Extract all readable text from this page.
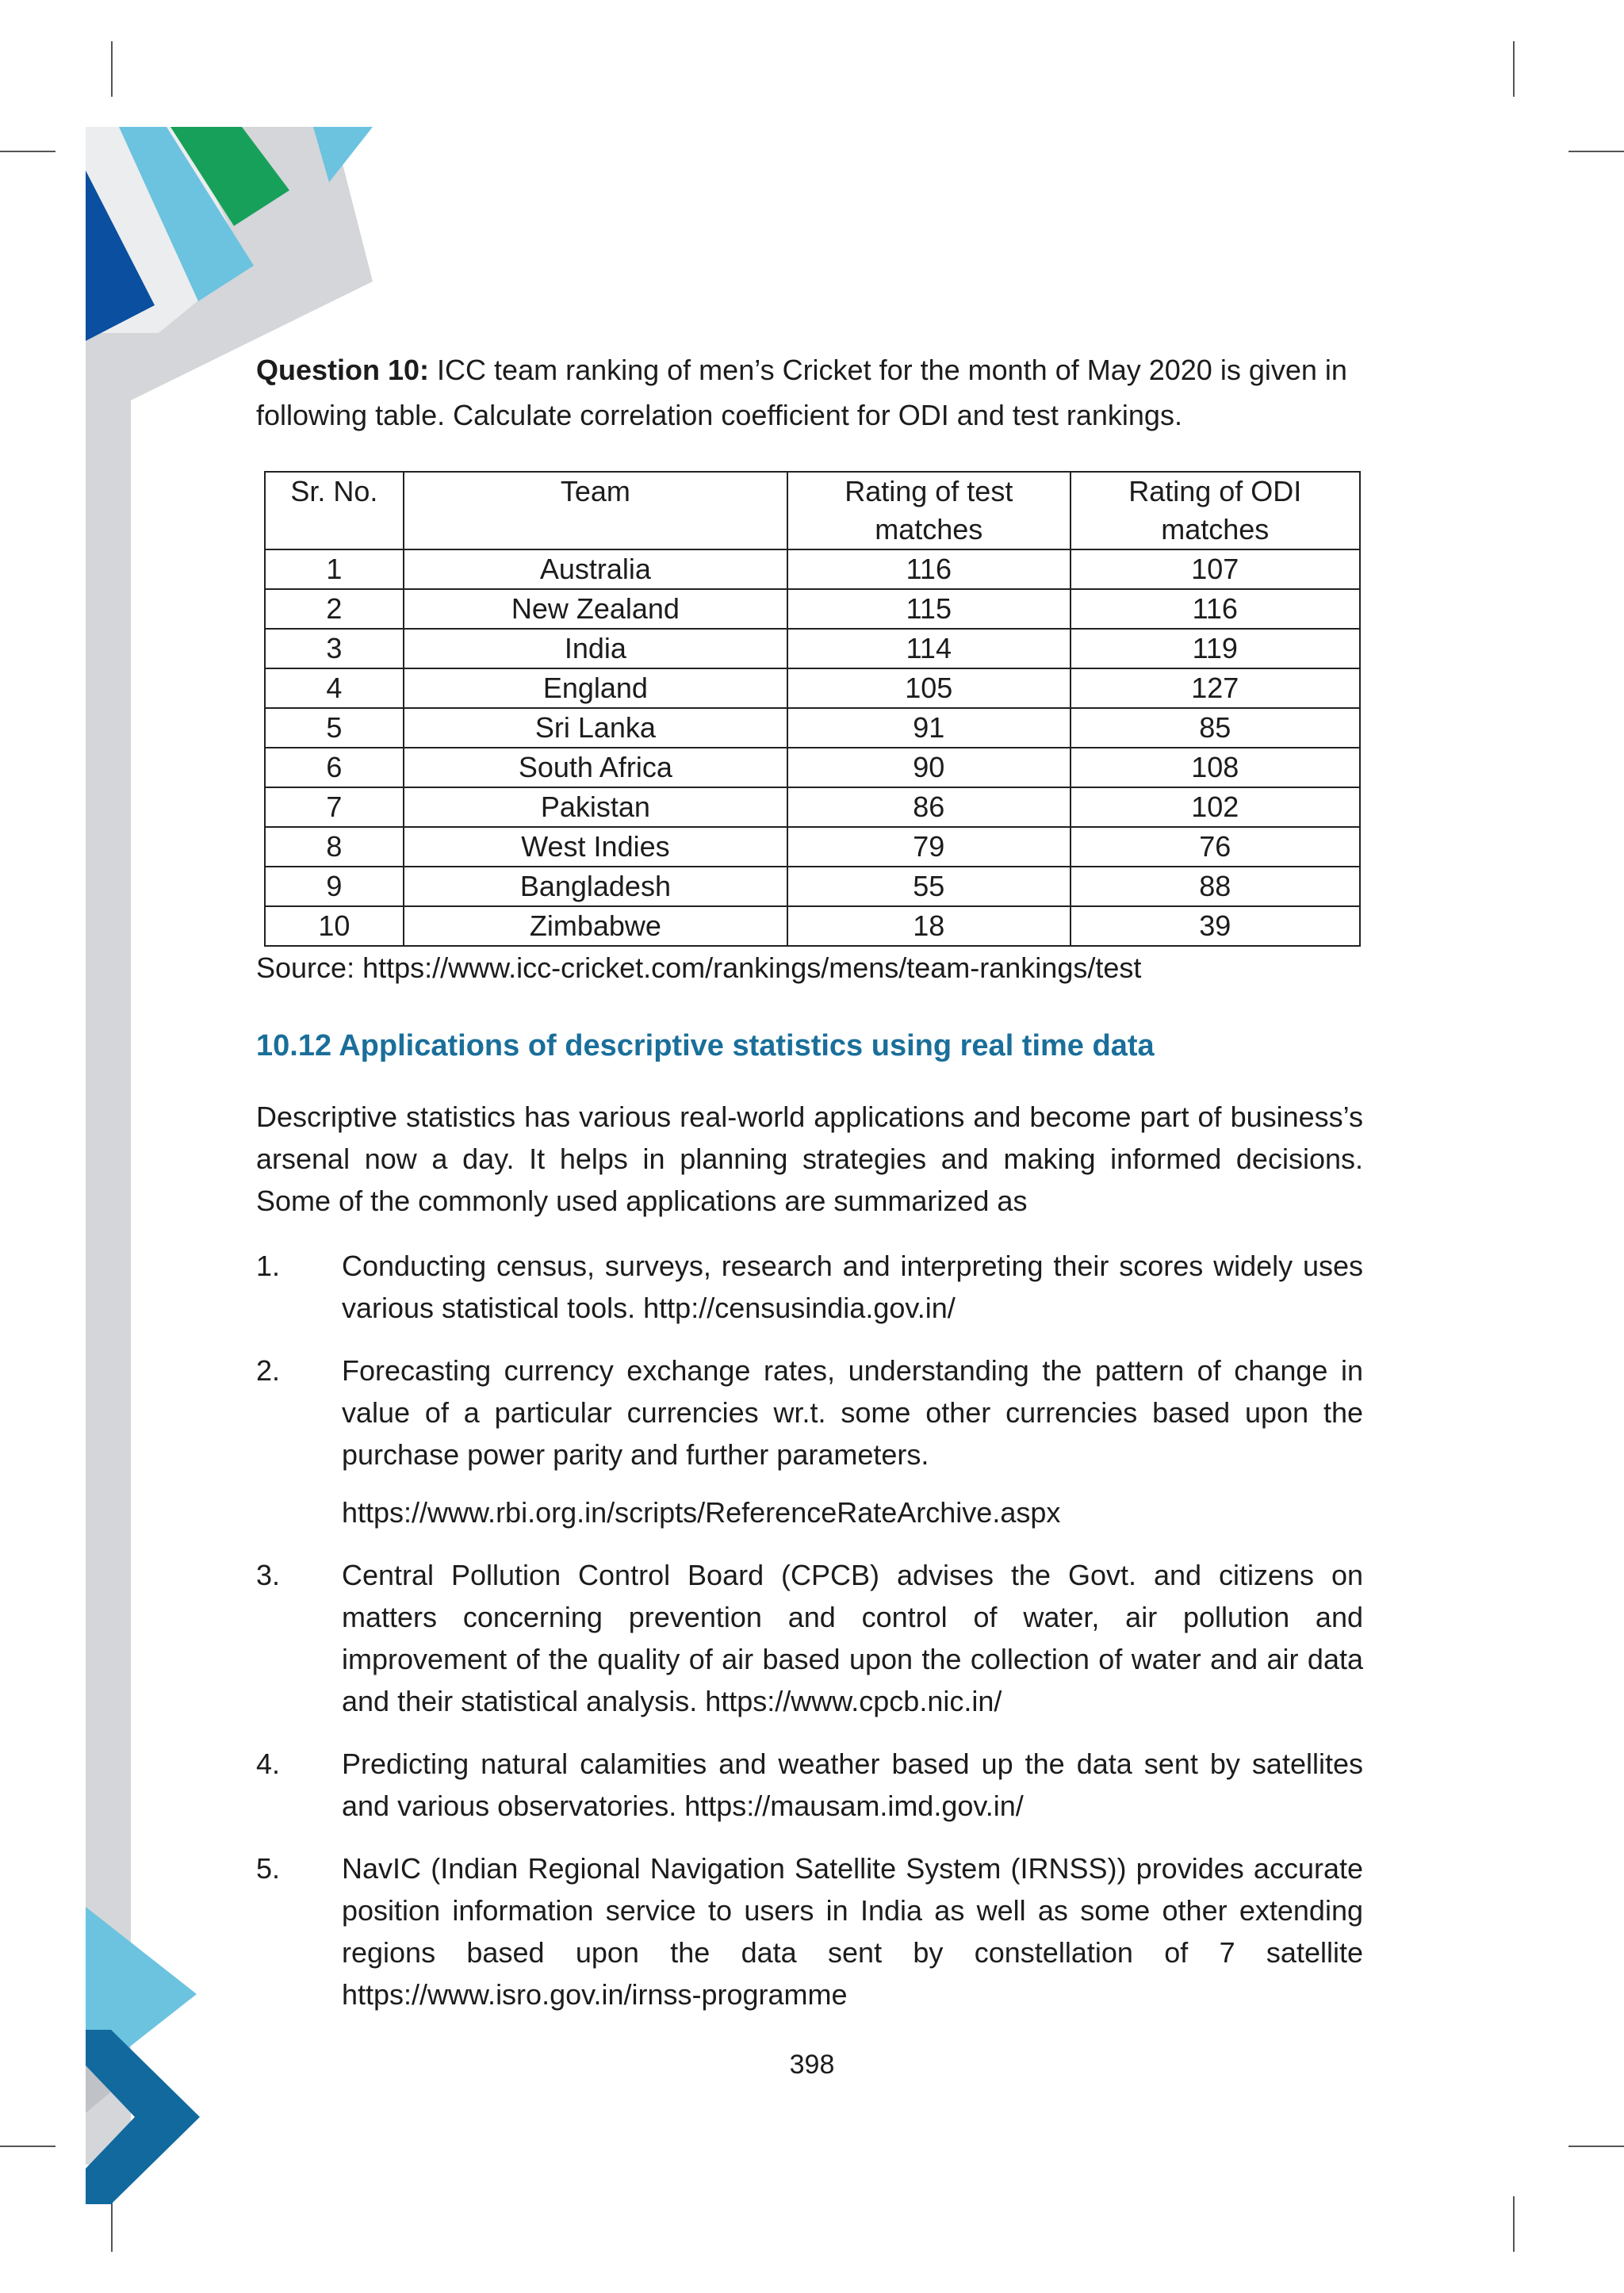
Question 10: ICC team ranking of men’s Cricket for the month of May 2020 is given in following table. Calculate correlation coefficient for ODI and test rankings.
Sr. No.	Team	Rating of test matches	Rating of ODI matches
1	Australia	116	107
2	New Zealand	115	116
3	India	114	119
4	England	105	127
5	Sri Lanka	91	85
6	South Africa	90	108
7	Pakistan	86	102
8	West Indies	79	76
9	Bangladesh	55	88
10	Zimbabwe	18	39
Source: https://www.icc-cricket.com/rankings/mens/team-rankings/test
10.12 Applications of descriptive statistics using real time data
Descriptive statistics has various real-world applications and become part of business’s arsenal now a day. It helps in planning strategies and making informed decisions. Some of the commonly used applications are summarized as
1. Conducting census, surveys, research and interpreting their scores widely uses various statistical tools. http://censusindia.gov.in/
2. Forecasting currency exchange rates, understanding the pattern of change in value of a particular currencies wr.t. some other currencies based upon the purchase power parity and further parameters.
https://www.rbi.org.in/scripts/ReferenceRateArchive.aspx
3. Central Pollution Control Board (CPCB) advises the Govt. and citizens on matters concerning prevention and control of water, air pollution and improvement of the quality of air based upon the collection of water and air data and their statistical analysis. https://www.cpcb.nic.in/
4. Predicting natural calamities and weather based up the data sent by satellites and various observatories. https://mausam.imd.gov.in/
5. NavIC (Indian Regional Navigation Satellite System (IRNSS)) provides accurate position information service to users in India as well as some other extending regions based upon the data sent by constellation of 7 satellite https://www.isro.gov.in/irnss-programme
398
